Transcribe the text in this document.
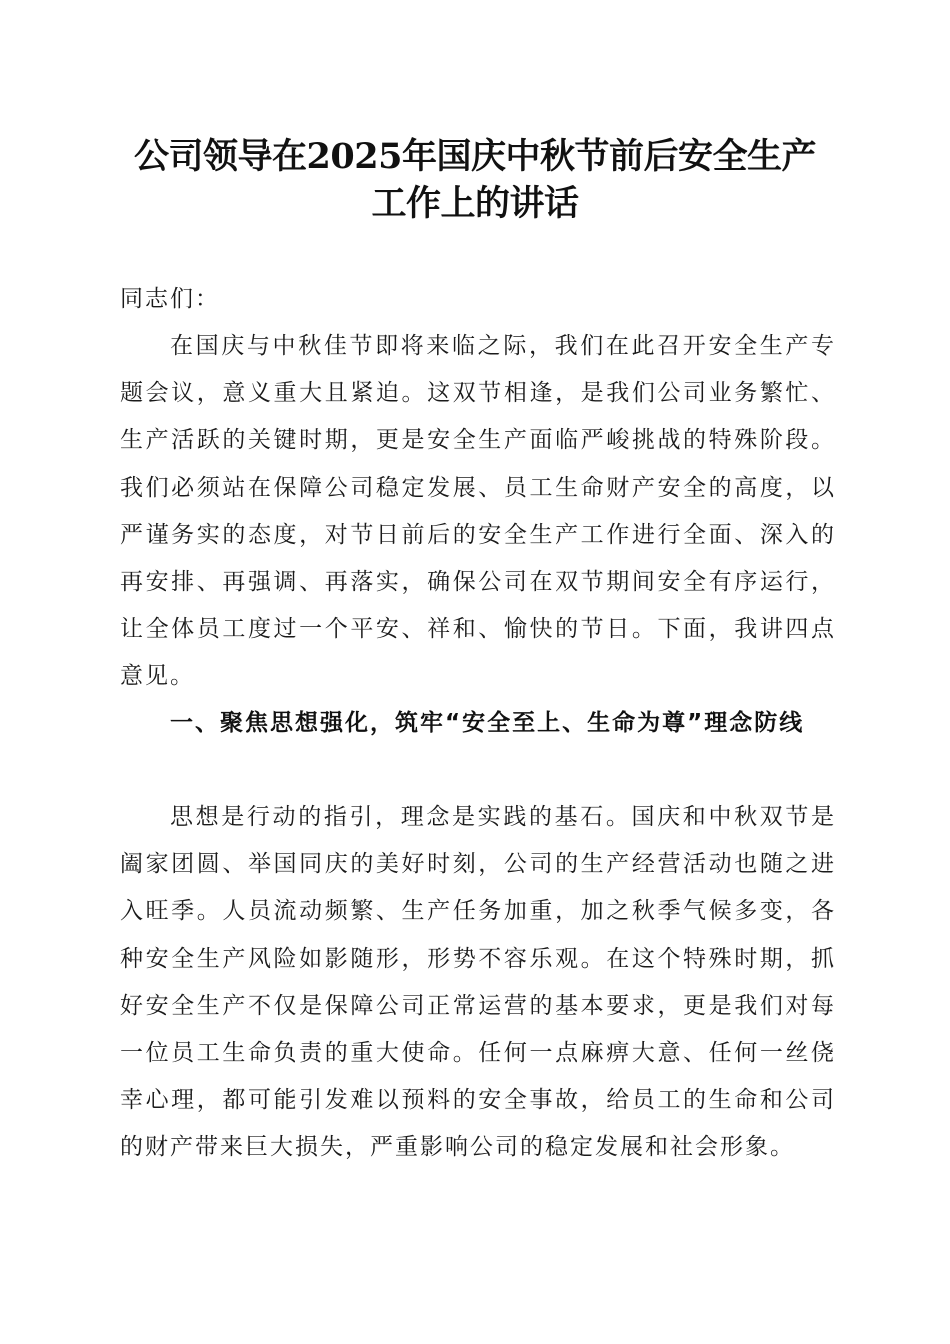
公司领导在2025年国庆中秋节前后安全生产
工作上的讲话
同志们：
在国庆与中秋佳节即将来临之际，我们在此召开安全生产专题会议，意义重大且紧迫。这双节相逢，是我们公司业务繁忙、生产活跃的关键时期，更是安全生产面临严峻挑战的特殊阶段。我们必须站在保障公司稳定发展、员工生命财产安全的高度，以严谨务实的态度，对节日前后的安全生产工作进行全面、深入的再安排、再强调、再落实，确保公司在双节期间安全有序运行，让全体员工度过一个平安、祥和、愉快的节日。下面，我讲四点意见。
一、聚焦思想强化，筑牢“安全至上、生命为尊”理念防线
思想是行动的指引，理念是实践的基石。国庆和中秋双节是阖家团圆、举国同庆的美好时刻，公司的生产经营活动也随之进入旺季。人员流动频繁、生产任务加重，加之秋季气候多变，各种安全生产风险如影随形，形势不容乐观。在这个特殊时期，抓好安全生产不仅是保障公司正常运营的基本要求，更是我们对每一位员工生命负责的重大使命。任何一点麻痹大意、任何一丝侥幸心理，都可能引发难以预料的安全事故，给员工的生命和公司的财产带来巨大损失，严重影响公司的稳定发展和社会形象。
